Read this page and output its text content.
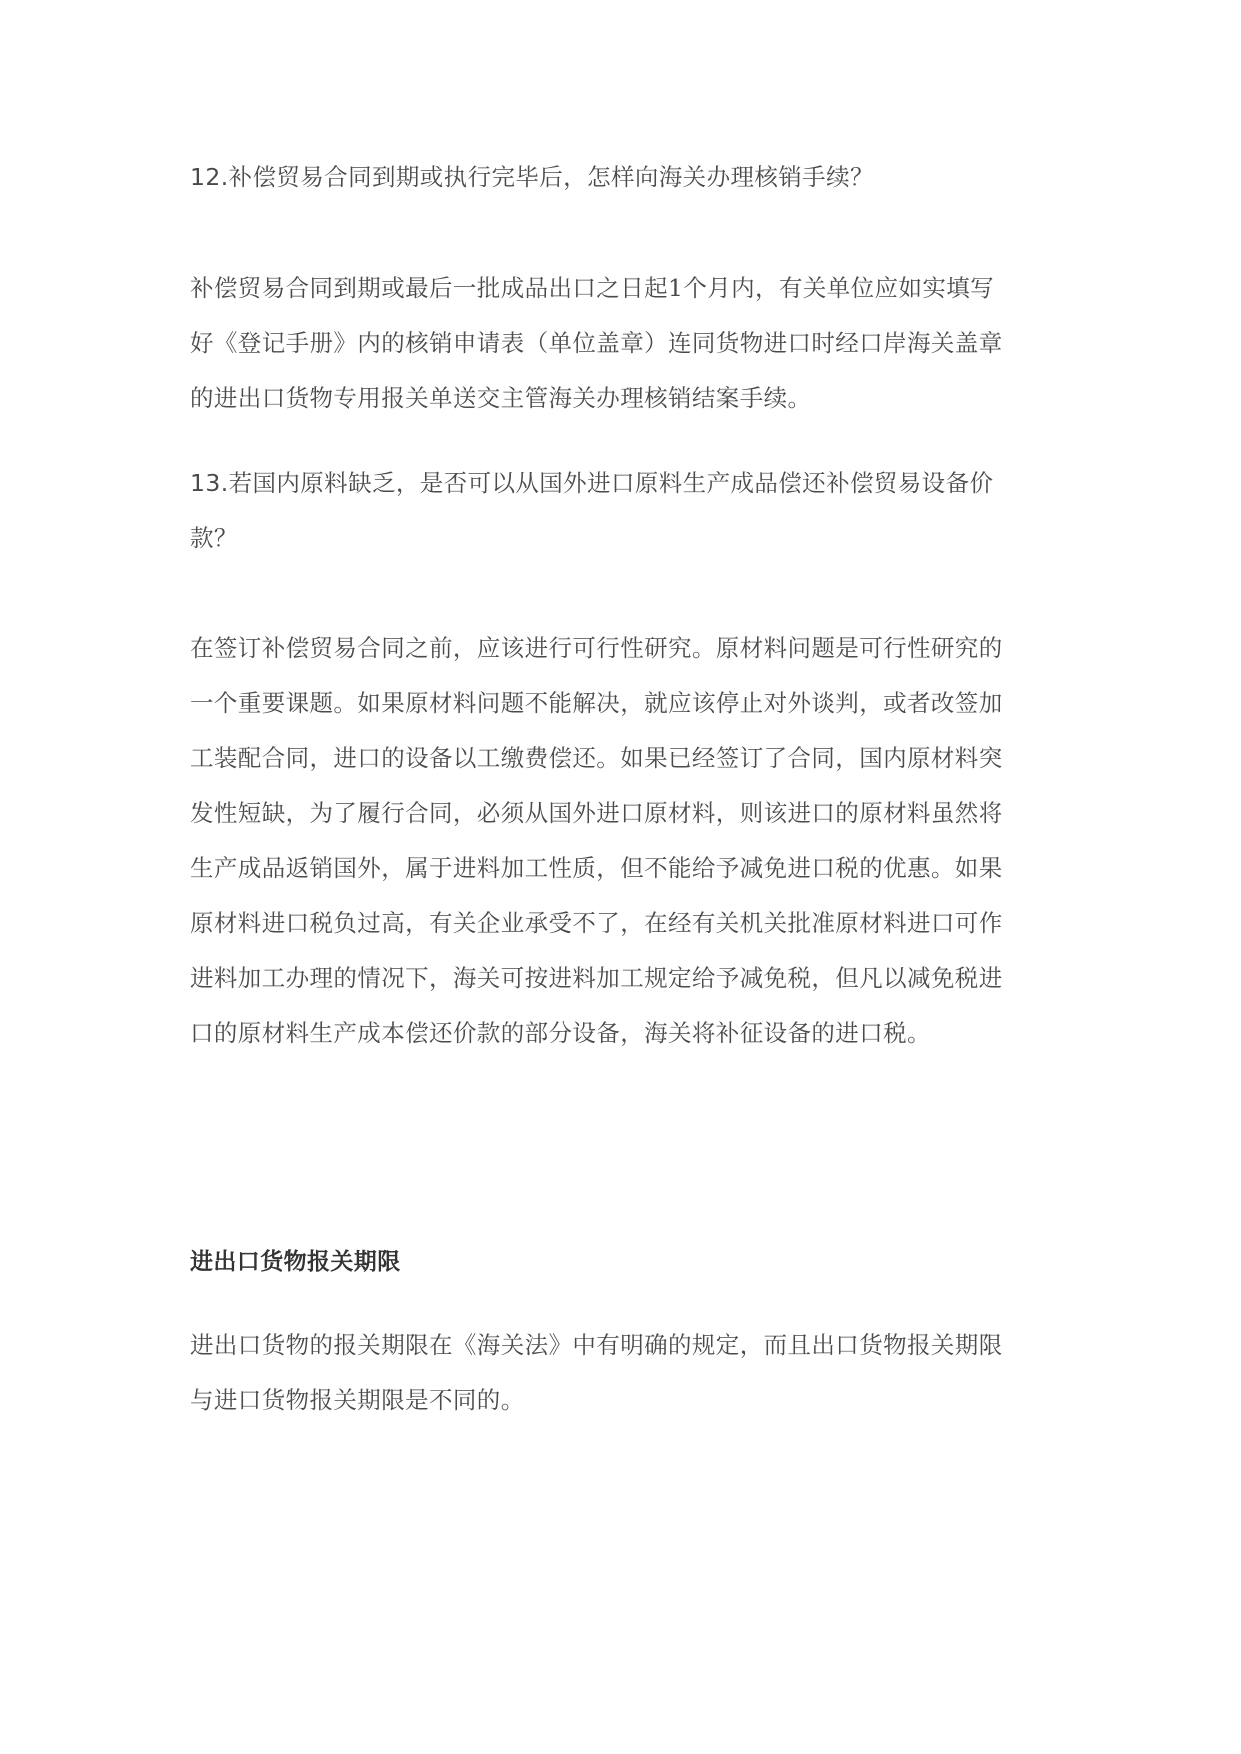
12.补偿贸易合同到期或执行完毕后，怎样向海关办理核销手续？

补偿贸易合同到期或最后一批成品出口之日起1个月内，有关单位应如实填写
好《登记手册》内的核销申请表（单位盖章）连同货物进口时经口岸海关盖章
的进出口货物专用报关单送交主管海关办理核销结案手续。
13.若国内原料缺乏，是否可以从国外进口原料生产成品偿还补偿贸易设备价
款？
在签订补偿贸易合同之前，应该进行可行性研究。原材料问题是可行性研究的
一个重要课题。如果原材料问题不能解决，就应该停止对外谈判，或者改签加
工装配合同，进口的设备以工缴费偿还。如果已经签订了合同，国内原材料突
发性短缺，为了履行合同，必须从国外进口原材料，则该进口的原材料虽然将
生产成品返销国外，属于进料加工性质，但不能给予减免进口税的优惠。如果
原材料进口税负过高，有关企业承受不了，在经有关机关批准原材料进口可作
进料加工办理的情况下，海关可按进料加工规定给予减免税，但凡以减免税进
口的原材料生产成本偿还价款的部分设备，海关将补征设备的进口税。
进出口货物报关期限
进出口货物的报关期限在《海关法》中有明确的规定，而且出口货物报关期限
与进口货物报关期限是不同的。
